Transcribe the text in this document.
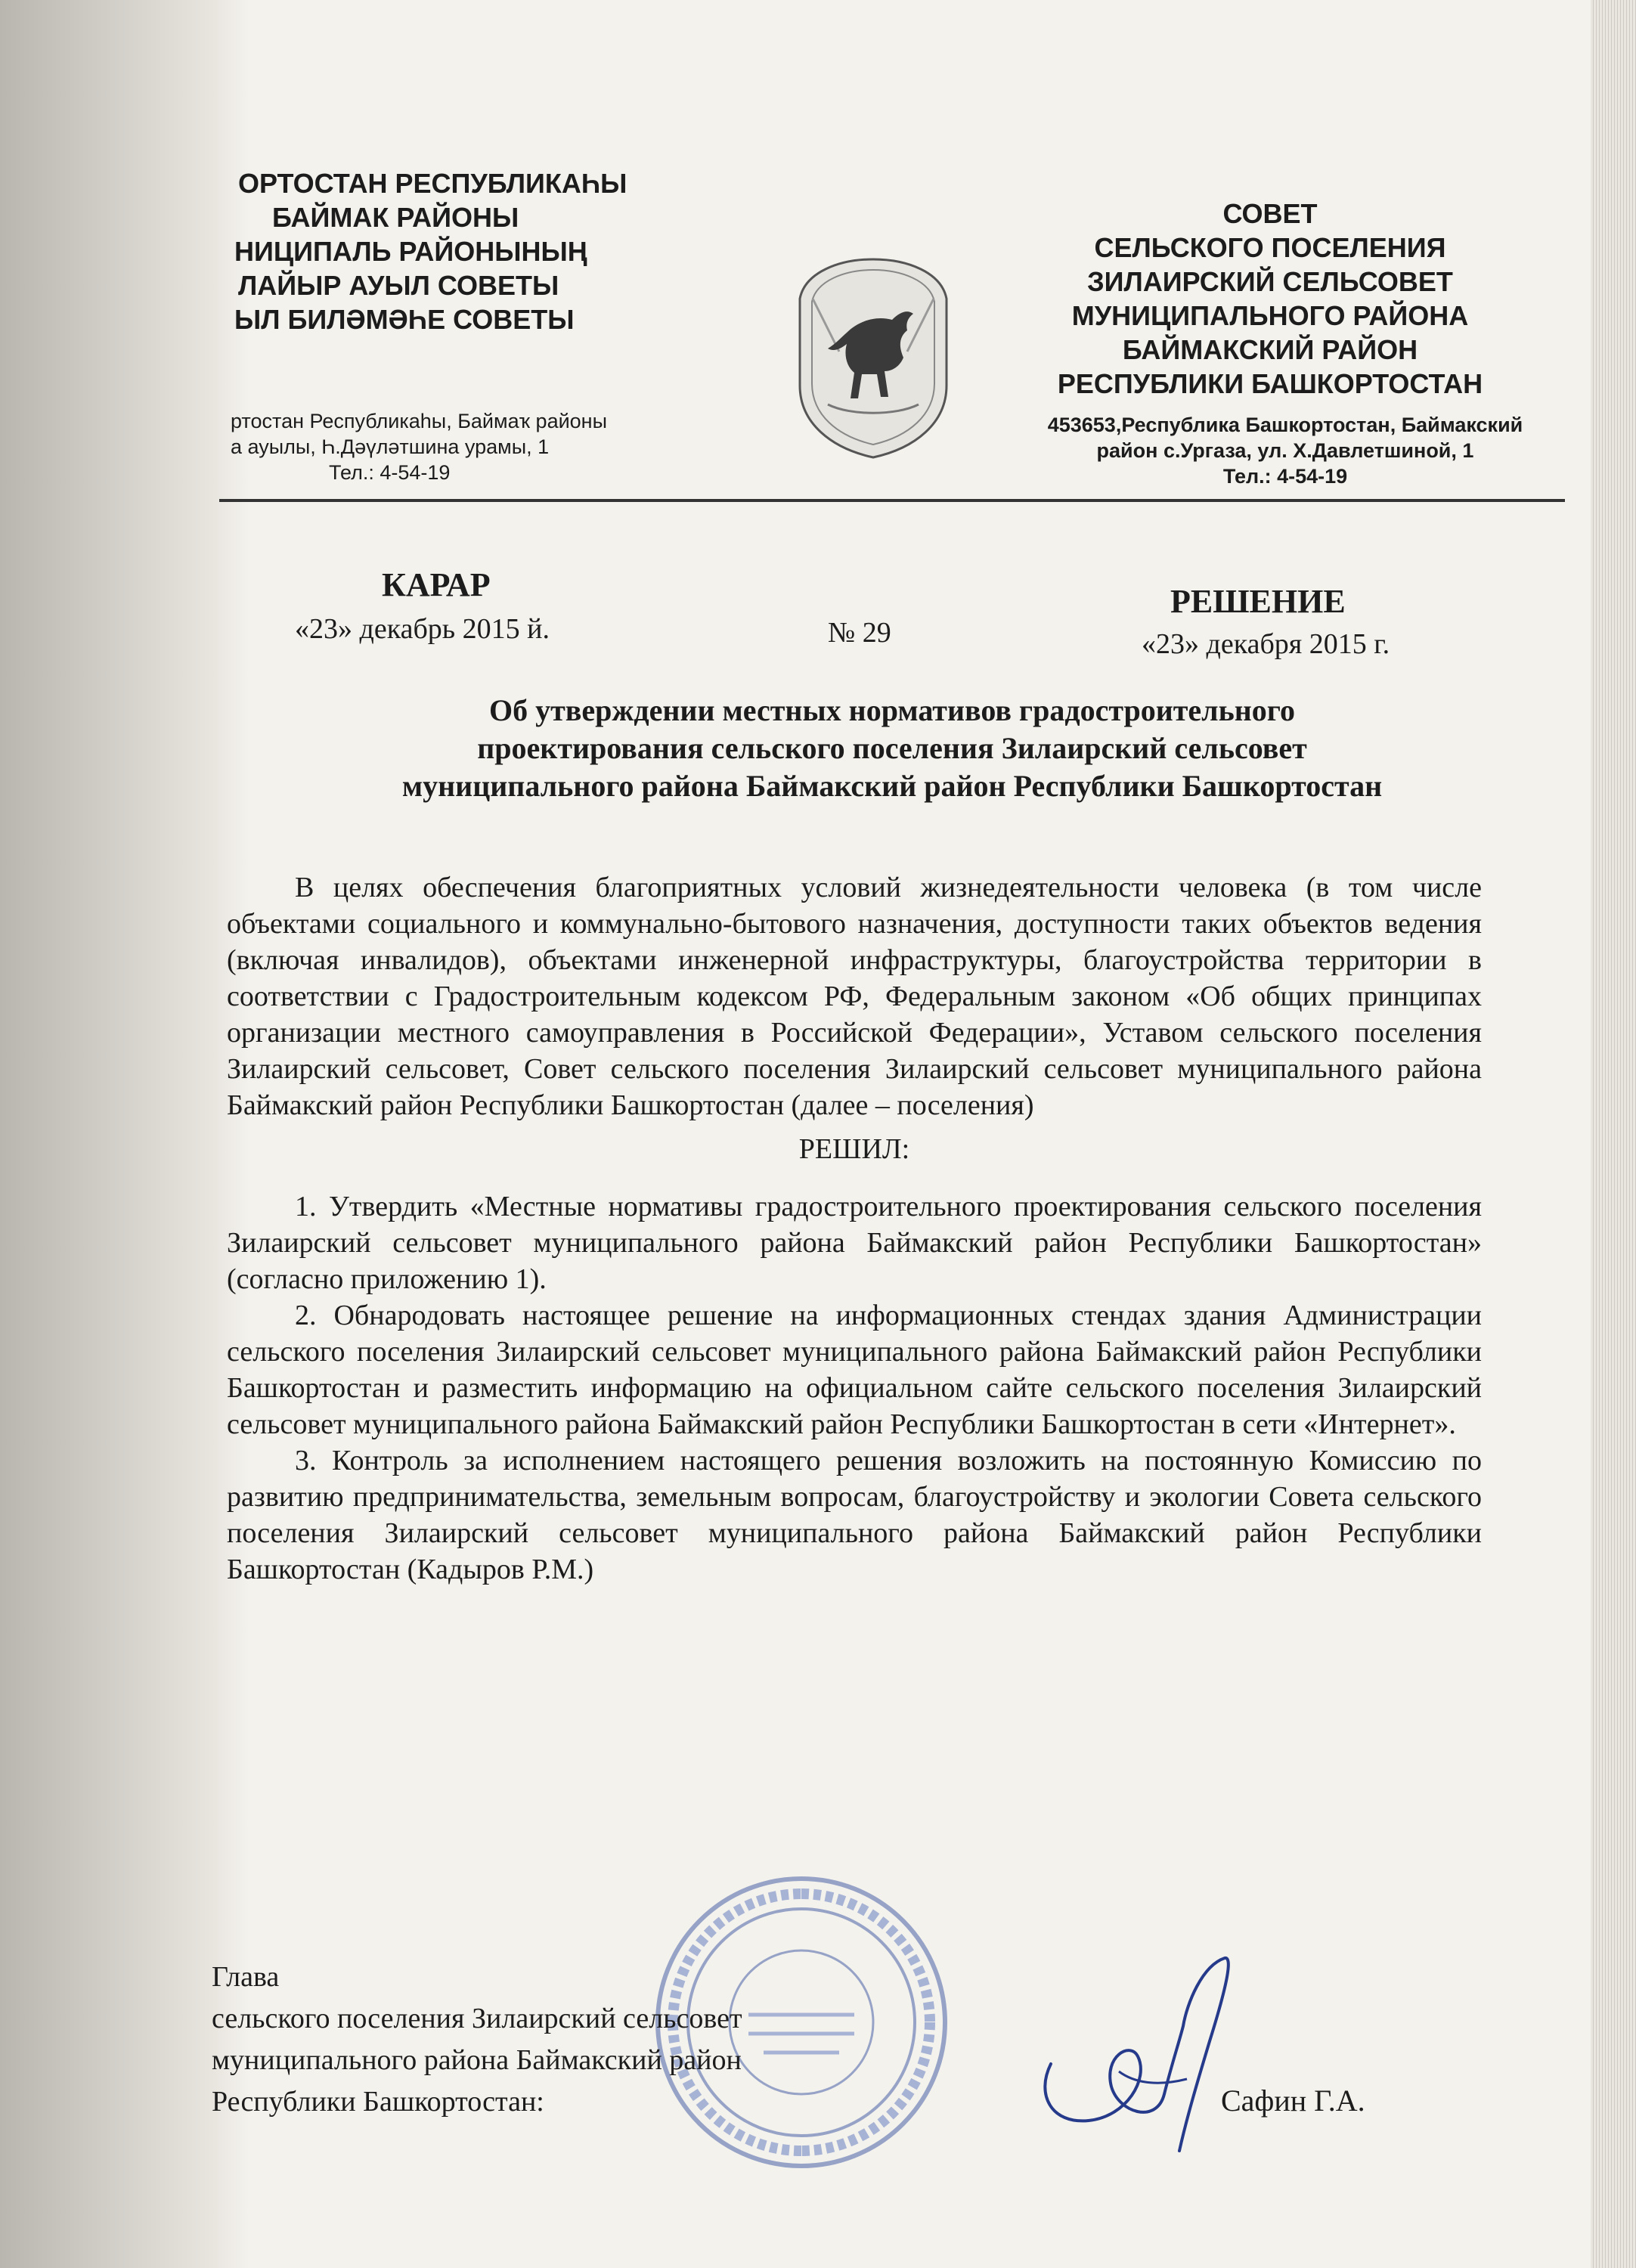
ОРТОСТАН РЕСПУБЛИКАҺЫ
БАЙМАК РАЙОНЫ
НИЦИПАЛЬ РАЙОНЫНЫҢ
ЛАЙЫР АУЫЛ СОВЕТЫ
ЫЛ БИЛӘМӘҺЕ СОВЕТЫ
ртостан Республикаһы, Баймаҡ районы
а ауылы, Һ.Дәүләтшина урамы, 1
Тел.: 4-54-19
СОВЕТ
СЕЛЬСКОГО ПОСЕЛЕНИЯ
ЗИЛАИРСКИЙ СЕЛЬСОВЕТ
МУНИЦИПАЛЬНОГО РАЙОНА
БАЙМАКСКИЙ РАЙОН
РЕСПУБЛИКИ БАШКОРТОСТАН
453653,Республика Башкортостан, Баймакский
район с.Ургаза, ул. Х.Давлетшиной, 1
Тел.: 4-54-19
КАРАР
«23» декабрь 2015 й.	№ 29
РЕШЕНИЕ
«23» декабря 2015 г.
Об утверждении местных нормативов градостроительного
проектирования сельского поселения Зилаирский сельсовет
муниципального района Баймакский район Республики Башкортостан

В целях обеспечения благоприятных условий жизнедеятельности человека (в том числе объектами социального и коммунально-бытового назначения, доступности таких объектов ведения (включая инвалидов), объектами инженерной инфраструктуры, благоустройства территории в соответствии с Градостроительным кодексом РФ, Федеральным законом «Об общих принципах организации местного самоуправления в Российской Федерации», Уставом сельского поселения Зилаирский сельсовет, Совет сельского поселения Зилаирский сельсовет муниципального района Баймакский район Республики Башкортостан (далее – поселения)

РЕШИЛ:

1. Утвердить «Местные нормативы градостроительного проектирования сельского поселения Зилаирский сельсовет муниципального района Баймакский район Республики Башкортостан» (согласно приложению 1).

2. Обнародовать настоящее решение на информационных стендах здания Администрации сельского поселения Зилаирский сельсовет муниципального района Баймакский район Республики Башкортостан и разместить информацию на официальном сайте сельского поселения Зилаирский сельсовет муниципального района Баймакский район Республики Башкортостан в сети «Интернет».

3. Контроль за исполнением настоящего решения возложить на постоянную Комиссию по развитию предпринимательства, земельным вопросам, благоустройству и экологии Совета сельского поселения Зилаирский сельсовет муниципального района Баймакский район Республики Башкортостан (Кадыров Р.М.)

Глава
сельского поселения Зилаирский сельсовет
муниципального района Баймакский район
Республики Башкортостан:	Сафин Г.А.
